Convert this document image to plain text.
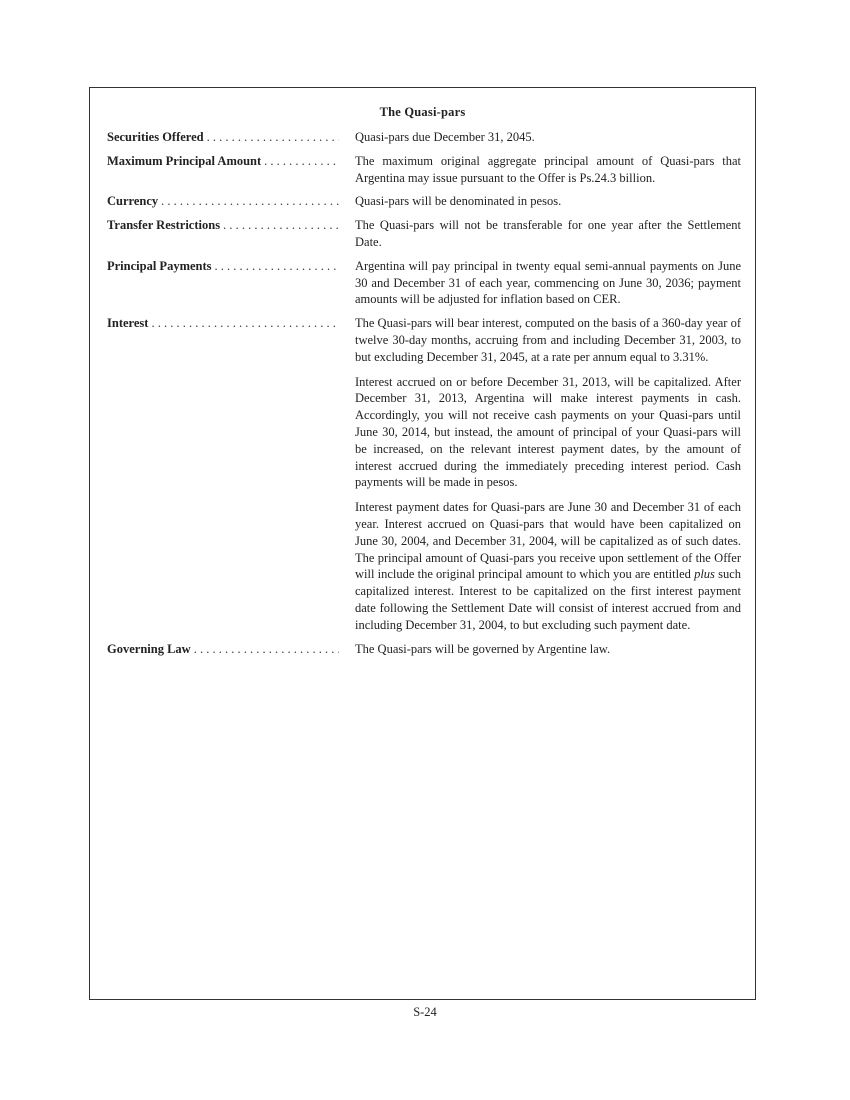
The Quasi-pars
Securities Offered . . .	Quasi-pars due December 31, 2045.

Maximum Principal Amount . . .	The maximum original aggregate principal amount of Quasi-pars that Argentina may issue pursuant to the Offer is Ps.24.3 billion.

Currency . . .	Quasi-pars will be denominated in pesos.

Transfer Restrictions . . .	The Quasi-pars will not be transferable for one year after the Settlement Date.

Principal Payments . . .	Argentina will pay principal in twenty equal semi-annual payments on June 30 and December 31 of each year, commencing on June 30, 2036; payment amounts will be adjusted for inflation based on CER.

Interest . . .	The Quasi-pars will bear interest, computed on the basis of a 360-day year of twelve 30-day months, accruing from and including December 31, 2003, to but excluding December 31, 2045, at a rate per annum equal to 3.31%.

Interest accrued on or before December 31, 2013, will be capitalized. After December 31, 2013, Argentina will make interest payments in cash. Accordingly, you will not receive cash payments on your Quasi-pars until June 30, 2014, but instead, the amount of principal of your Quasi-pars will be increased, on the relevant interest payment dates, by the amount of interest accrued during the immediately preceding interest period. Cash payments will be made in pesos.

Interest payment dates for Quasi-pars are June 30 and December 31 of each year. Interest accrued on Quasi-pars that would have been capitalized on June 30, 2004, and December 31, 2004, will be capitalized as of such dates. The principal amount of Quasi-pars you receive upon settlement of the Offer will include the original principal amount to which you are entitled plus such capitalized interest. Interest to be capitalized on the first interest payment date following the Settlement Date will consist of interest accrued from and including December 31, 2004, to but excluding such payment date.

Governing Law . . .	The Quasi-pars will be governed by Argentine law.

S-24
